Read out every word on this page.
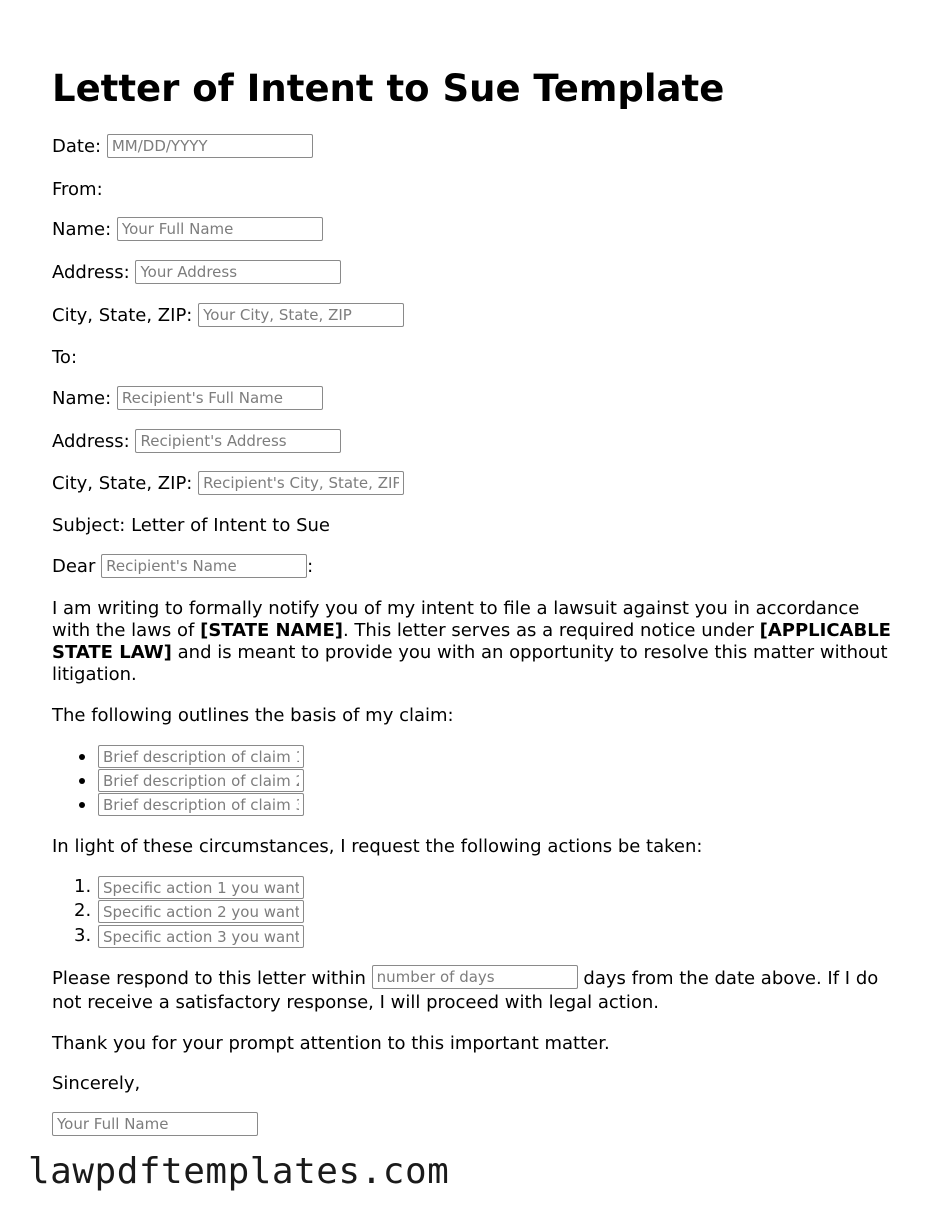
Letter of Intent to Sue Template
Date: MM/DD/YYYY
From:
Name: Your Full Name
Address: Your Address
City, State, ZIP: Your City, State, ZIP
To:
Name: Recipient's Full Name
Address: Recipient's Address
City, State, ZIP: Recipient's City, State, ZIP
Subject: Letter of Intent to Sue
Dear Recipient's Name	:

I am writing to formally notify you of my intent to file a lawsuit against you in accordance with the laws of [STATE NAME]. This letter serves as a required notice under [APPLICABLE STATE LAW] and is meant to provide you with an opportunity to resolve this matter without litigation.

The following outlines the basis of my claim:
Brief description of claim 1
Brief description of claim 2
Brief description of claim 3
In light of these circumstances, I request the following actions be taken:
1.
Specific action 1 you want
2.
Specific action 2 you want
3.
Specific action 3 you want

Please respond to this letter within number of days	days from the date above. If I do not receive a satisfactory response, I will proceed with legal action.

Thank you for your prompt attention to this important matter.
Sincerely,
Your Full Name
lawpdftemplates.com
